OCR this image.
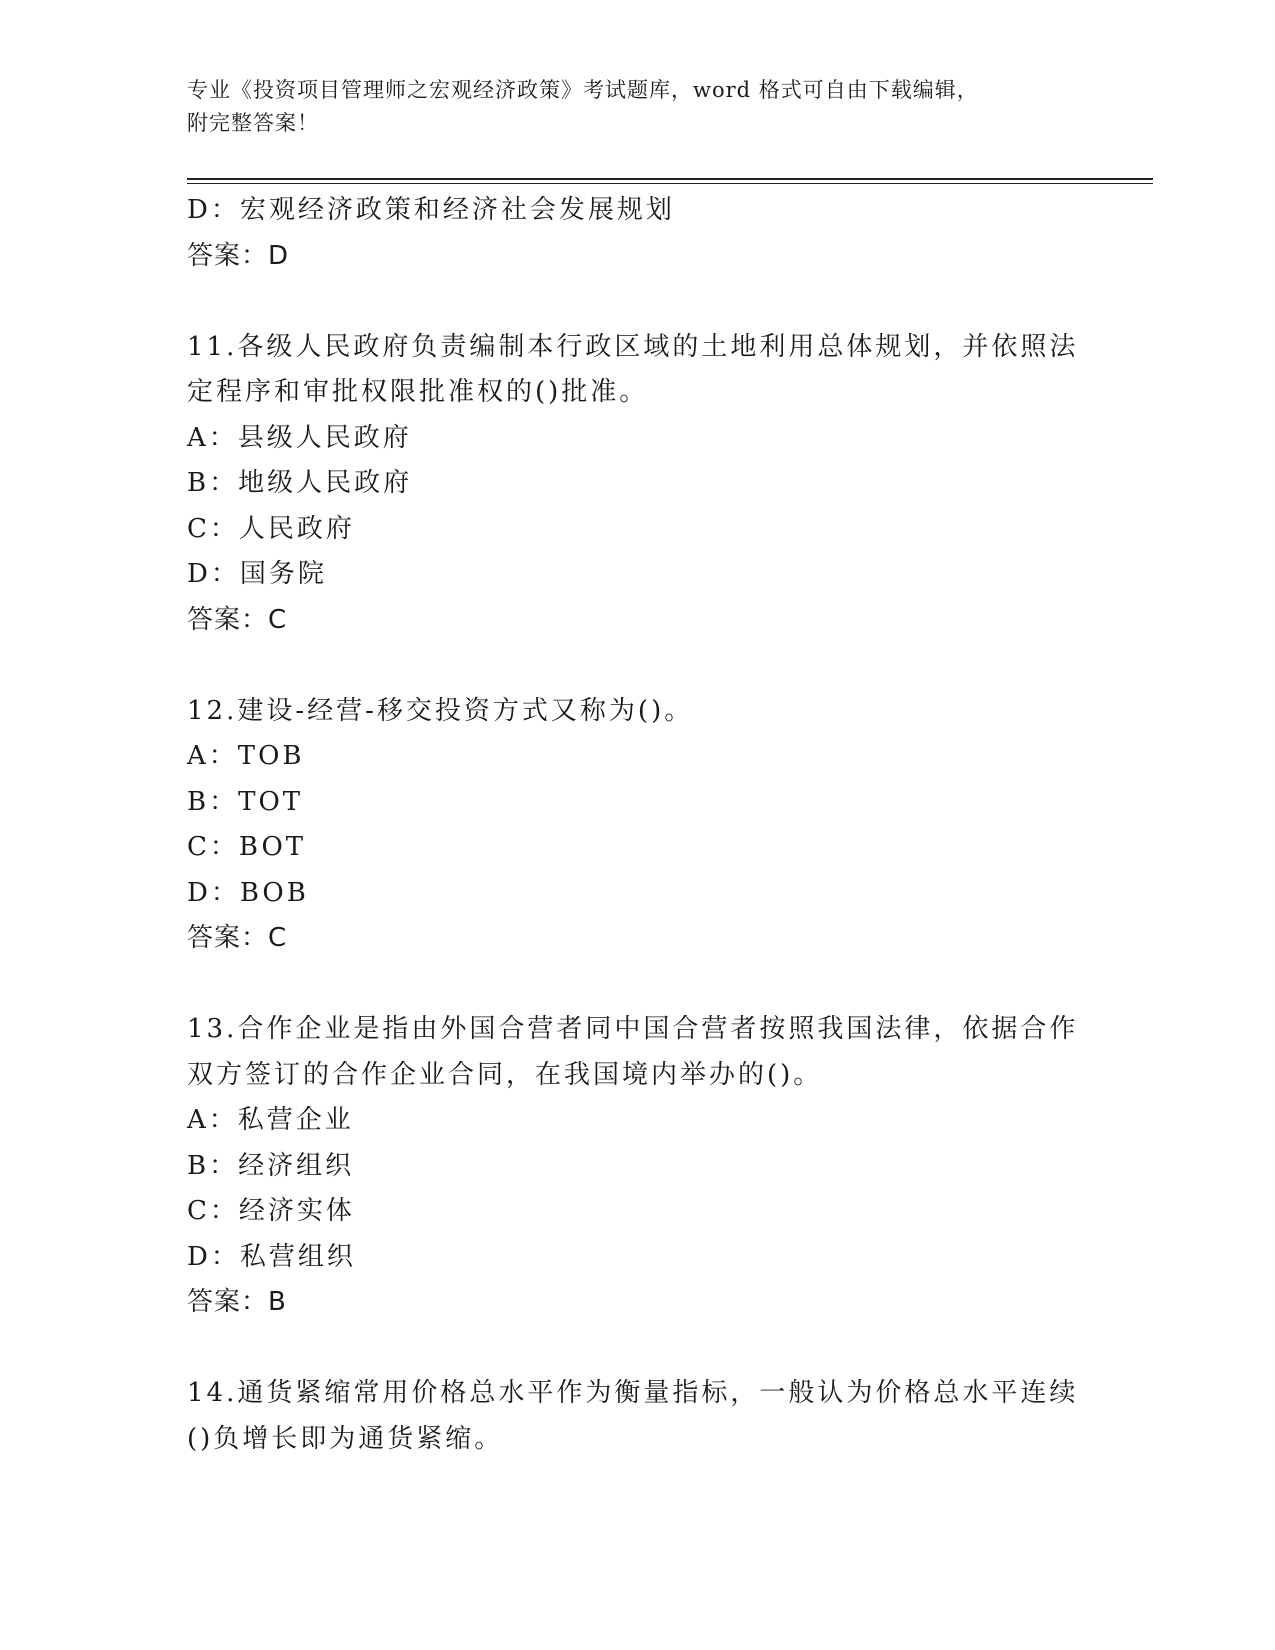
专业《投资项目管理师之宏观经济政策》考试题库，word 格式可自由下载编辑，
附完整答案！
D：宏观经济政策和经济社会发展规划
答案：D
11.各级人民政府负责编制本行政区域的土地利用总体规划，并依照法
定程序和审批权限批准权的()批准。
A：县级人民政府
B：地级人民政府
C：人民政府
D：国务院
答案：C
12.建设-经营-移交投资方式又称为()。
A：TOB
B：TOT
C：BOT
D：BOB
答案：C
13.合作企业是指由外国合营者同中国合营者按照我国法律，依据合作
双方签订的合作企业合同，在我国境内举办的()。
A：私营企业
B：经济组织
C：经济实体
D：私营组织
答案：B
14.通货紧缩常用价格总水平作为衡量指标，一般认为价格总水平连续
()负增长即为通货紧缩。
